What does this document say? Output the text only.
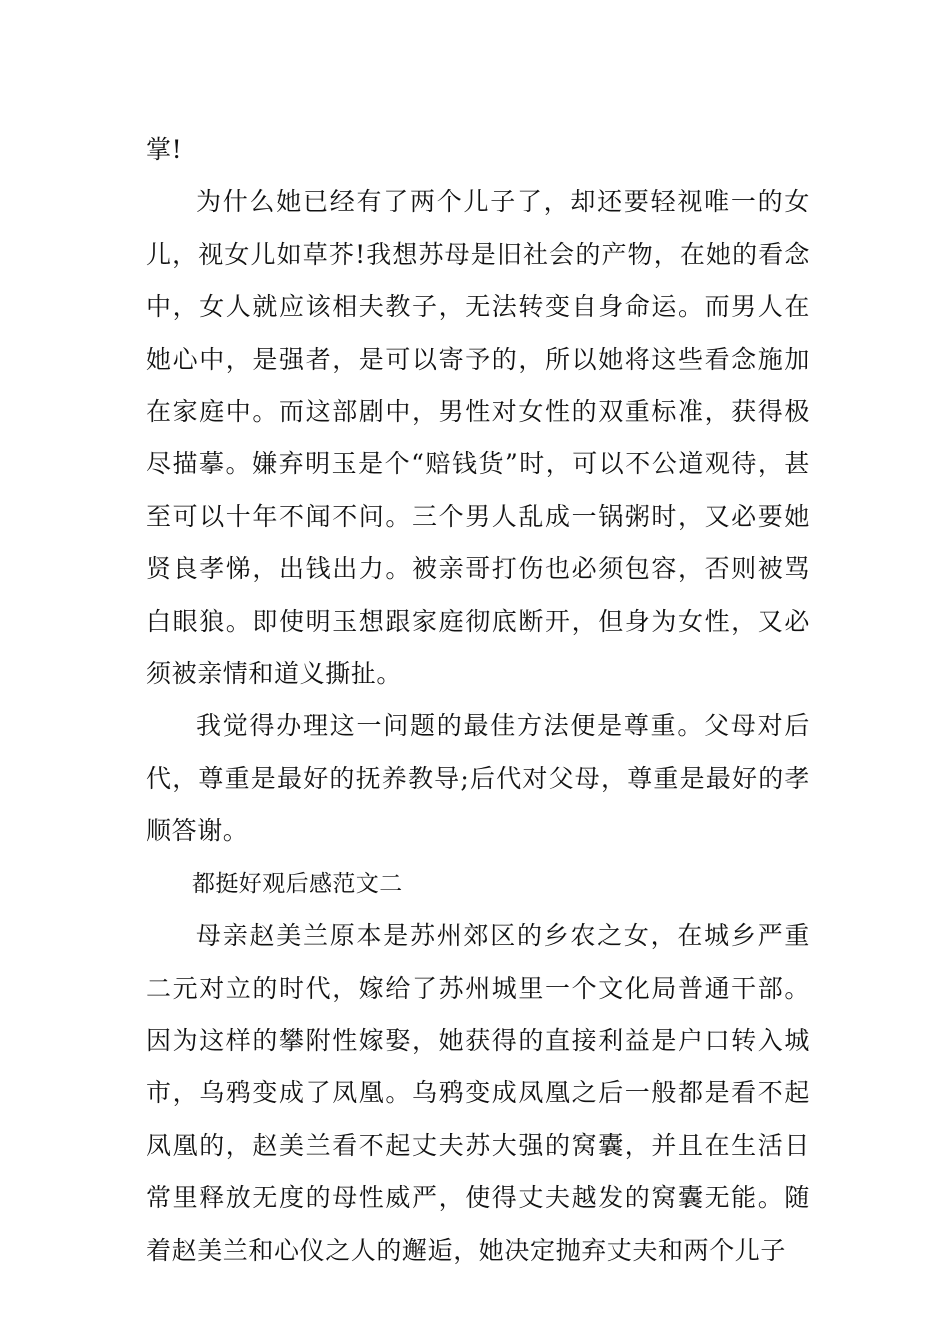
掌!

为什么她已经有了两个儿子了，却还要轻视唯一的女儿，视女儿如草芥!我想苏母是旧社会的产物，在她的看念中，女人就应该相夫教子，无法转变自身命运。而男人在她心中，是强者，是可以寄予的，所以她将这些看念施加在家庭中。而这部剧中，男性对女性的双重标准，获得极尽描摹。嫌弃明玉是个“赔钱货”时，可以不公道观待，甚至可以十年不闻不问。三个男人乱成一锅粥时，又必要她贤良孝悌，出钱出力。被亲哥打伤也必须包容，否则被骂白眼狼。即使明玉想跟家庭彻底断开，但身为女性，又必须被亲情和道义撕扯。

我觉得办理这一问题的最佳方法便是尊重。父母对后代，尊重是最好的抚养教导;后代对父母，尊重是最好的孝顺答谢。

都挺好观后感范文二

母亲赵美兰原本是苏州郊区的乡农之女，在城乡严重二元对立的时代，嫁给了苏州城里一个文化局普通干部。因为这样的攀附性嫁娶，她获得的直接利益是户口转入城市，乌鸦变成了凤凰。乌鸦变成凤凰之后一般都是看不起凤凰的，赵美兰看不起丈夫苏大强的窝囊，并且在生活日常里释放无度的母性威严，使得丈夫越发的窝囊无能。随着赵美兰和心仪之人的邂逅，她决定抛弃丈夫和两个儿子
